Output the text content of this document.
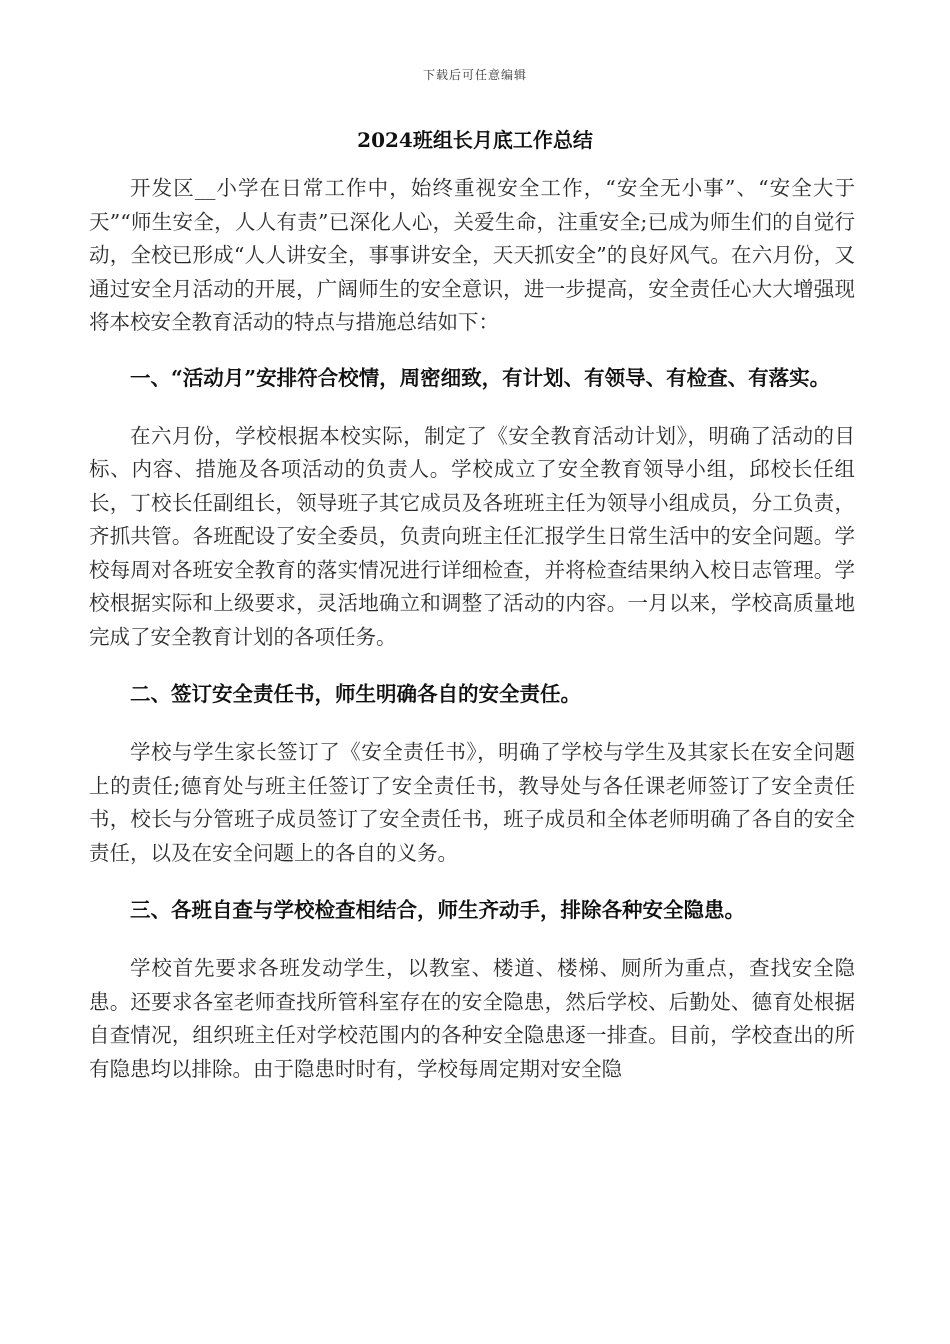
下载后可任意编辑
2024班组长月底工作总结

开发区__小学在日常工作中，始终重视安全工作，“安全无小事”、“安全大于天”“师生安全，人人有责”已深化人心，关爱生命，注重安全;已成为师生们的自觉行动，全校已形成“人人讲安全，事事讲安全，天天抓安全”的良好风气。在六月份，又通过安全月活动的开展，广阔师生的安全意识，进一步提高，安全责任心大大增强现将本校安全教育活动的特点与措施总结如下：

一、“活动月”安排符合校情，周密细致，有计划、有领导、有检查、有落实。

在六月份，学校根据本校实际，制定了《安全教育活动计划》，明确了活动的目标、内容、措施及各项活动的负责人。学校成立了安全教育领导小组，邱校长任组长，丁校长任副组长，领导班子其它成员及各班班主任为领导小组成员，分工负责，齐抓共管。各班配设了安全委员，负责向班主任汇报学生日常生活中的安全问题。学校每周对各班安全教育的落实情况进行详细检查，并将检查结果纳入校日志管理。学校根据实际和上级要求，灵活地确立和调整了活动的内容。一月以来，学校高质量地完成了安全教育计划的各项任务。

二、签订安全责任书，师生明确各自的安全责任。

学校与学生家长签订了《安全责任书》，明确了学校与学生及其家长在安全问题上的责任;德育处与班主任签订了安全责任书，教导处与各任课老师签订了安全责任书，校长与分管班子成员签订了安全责任书，班子成员和全体老师明确了各自的安全责任，以及在安全问题上的各自的义务。

三、各班自查与学校检查相结合，师生齐动手，排除各种安全隐患。

学校首先要求各班发动学生，以教室、楼道、楼梯、厕所为重点，查找安全隐患。还要求各室老师查找所管科室存在的安全隐患，然后学校、后勤处、德育处根据自查情况，组织班主任对学校范围内的各种安全隐患逐一排查。目前，学校查出的所有隐患均以排除。由于隐患时时有，学校每周定期对安全隐
